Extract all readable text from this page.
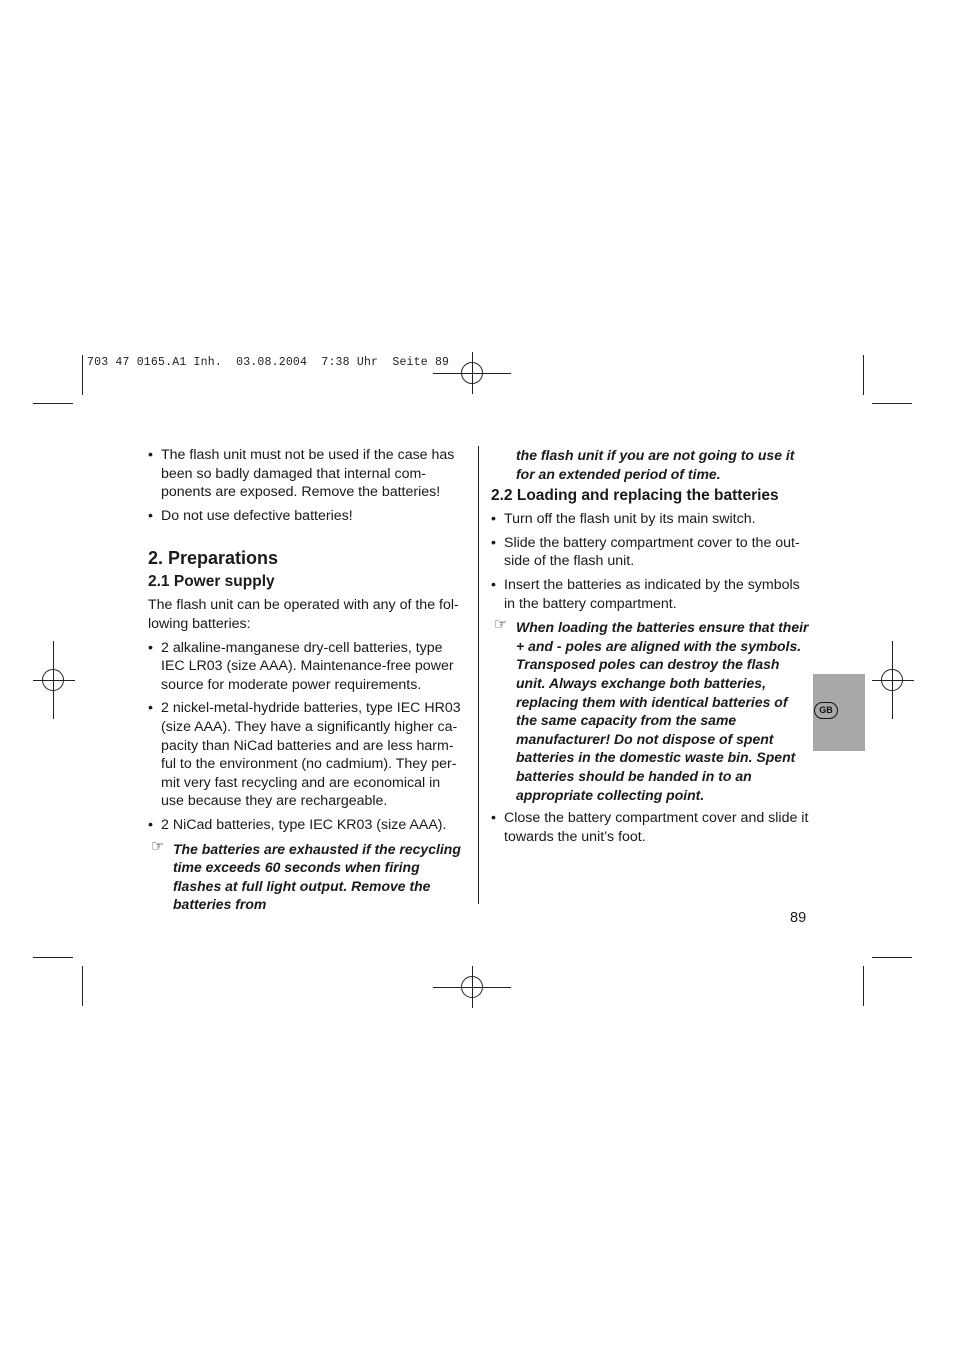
703 47 0165.A1 Inh.  03.08.2004  7:38 Uhr  Seite 89

• The flash unit must not be used if the case has been so badly damaged that internal com- ponents are exposed. Remove the batteries!

• Do not use defective batteries!

2. Preparations

2.1 Power supply

The flash unit can be operated with any of the fol- lowing batteries:

• 2 alkaline-manganese dry-cell batteries, type IEC LR03 (size AAA). Maintenance-free power source for moderate power requirements.

• 2 nickel-metal-hydride batteries, type IEC HR03 (size AAA). They have a significantly higher ca- pacity than NiCad batteries and are less harm- ful to the environment (no cadmium). They per- mit very fast recycling and are economical in use because they are rechargeable.

• 2 NiCad batteries, type IEC KR03 (size AAA).

☞ The batteries are exhausted if the recycling time exceeds 60 seconds when firing flashes at full light output. Remove the batteries from

the flash unit if you are not going to use it for an extended period of time.

2.2 Loading and replacing the batteries

• Turn off the flash unit by its main switch.

• Slide the battery compartment cover to the out- side of the flash unit.

• Insert the batteries as indicated by the symbols in the battery compartment.

☞ When loading the batteries ensure that their + and - poles are aligned with the symbols. Transposed poles can destroy the flash unit. Always exchange both batteries, replacing them with identical batteries of the same capacity from the same manufacturer! Do not dispose of spent batteries in the domestic waste bin. Spent batteries should be handed in to an appropriate collecting point.

• Close the battery compartment cover and slide it towards the unit’s foot.

GB
89
